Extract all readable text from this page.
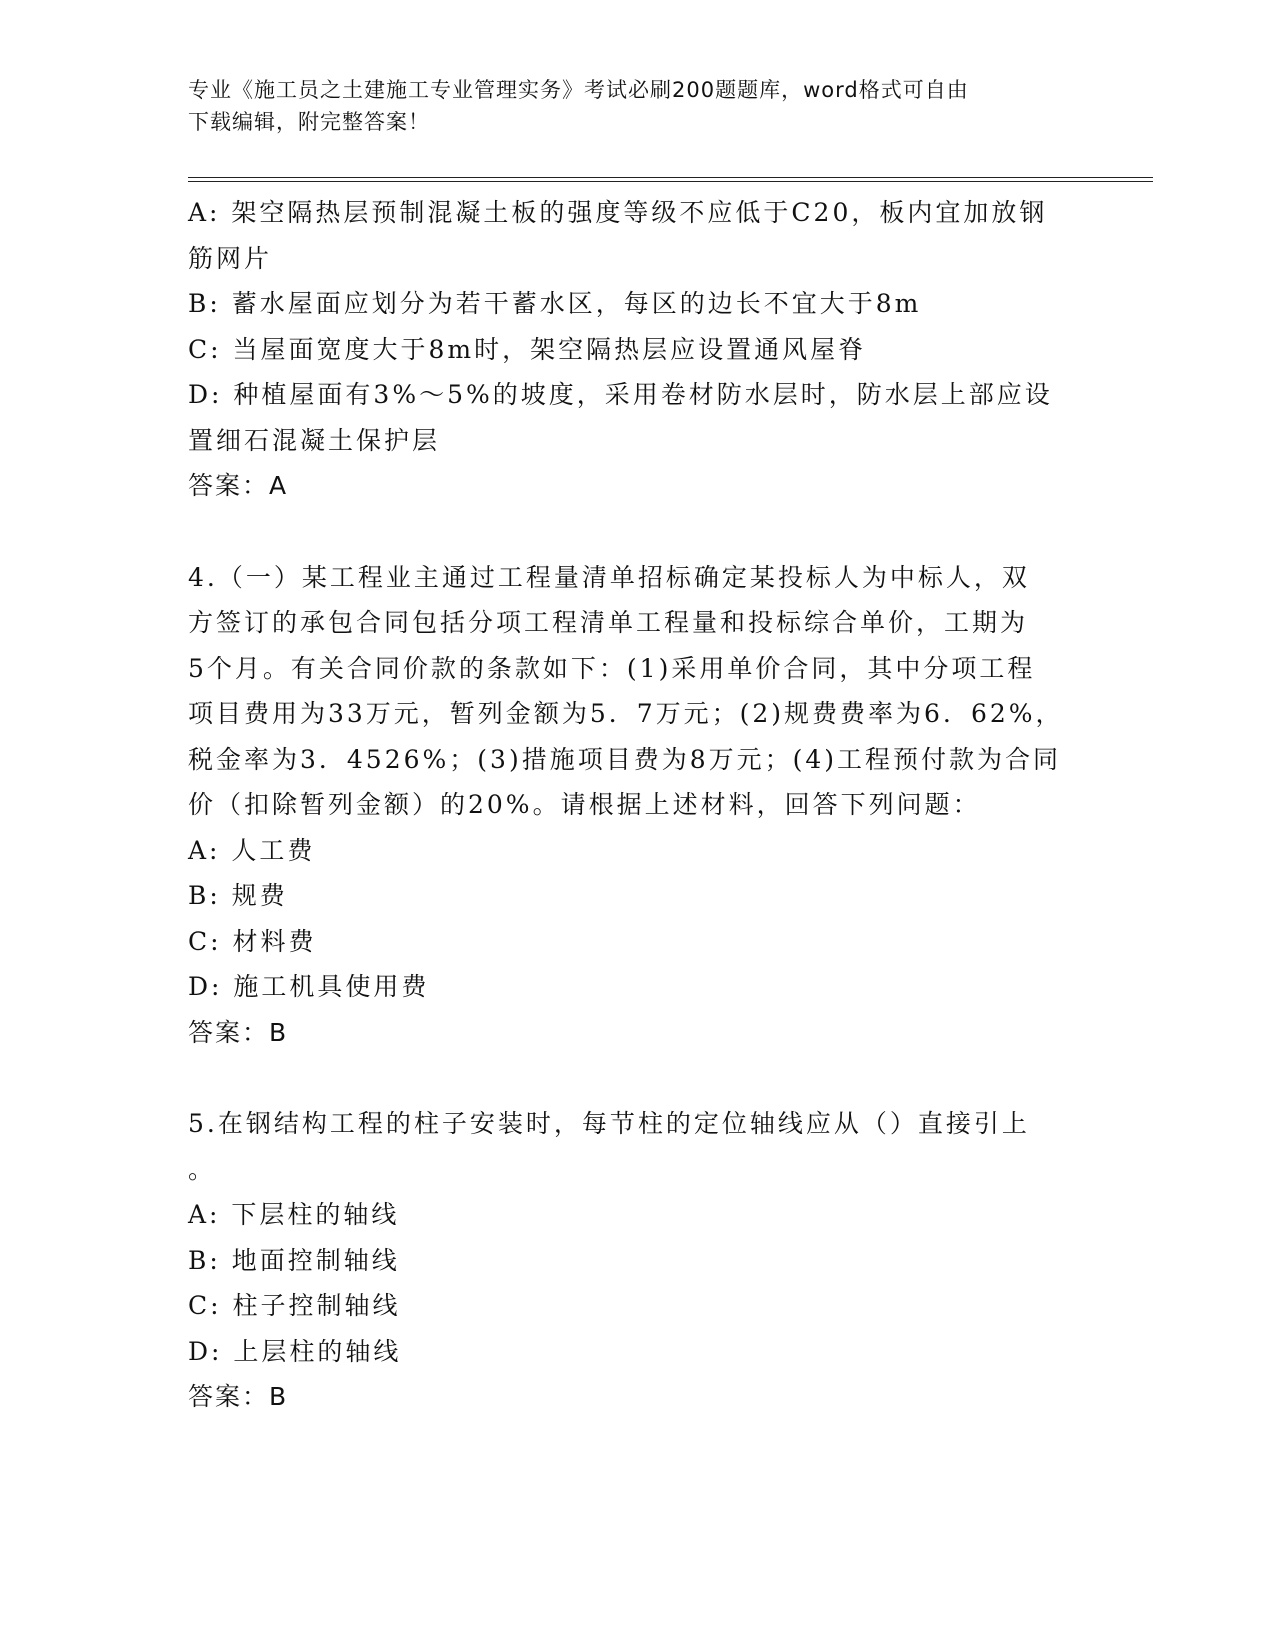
专业《施工员之土建施工专业管理实务》考试必刷200题题库，word格式可自由
下载编辑，附完整答案！
A: 架空隔热层预制混凝土板的强度等级不应低于C20，板内宜加放钢
筋网片
B: 蓄水屋面应划分为若干蓄水区，每区的边长不宜大于8m
C: 当屋面宽度大于8m时，架空隔热层应设置通风屋脊
D: 种植屋面有3%～5%的坡度，采用卷材防水层时，防水层上部应设
置细石混凝土保护层
答案：A
4.（一）某工程业主通过工程量清单招标确定某投标人为中标人，双
方签订的承包合同包括分项工程清单工程量和投标综合单价，工期为
5个月。有关合同价款的条款如下：(1)采用单价合同，其中分项工程
项目费用为33万元，暂列金额为5．7万元；(2)规费费率为6．62%，
税金率为3．4526%；(3)措施项目费为8万元；(4)工程预付款为合同
价（扣除暂列金额）的20%。请根据上述材料，回答下列问题：
A: 人工费
B: 规费
C: 材料费
D: 施工机具使用费
答案：B
5.在钢结构工程的柱子安装时，每节柱的定位轴线应从（）直接引上
。
A: 下层柱的轴线
B: 地面控制轴线
C: 柱子控制轴线
D: 上层柱的轴线
答案：B
